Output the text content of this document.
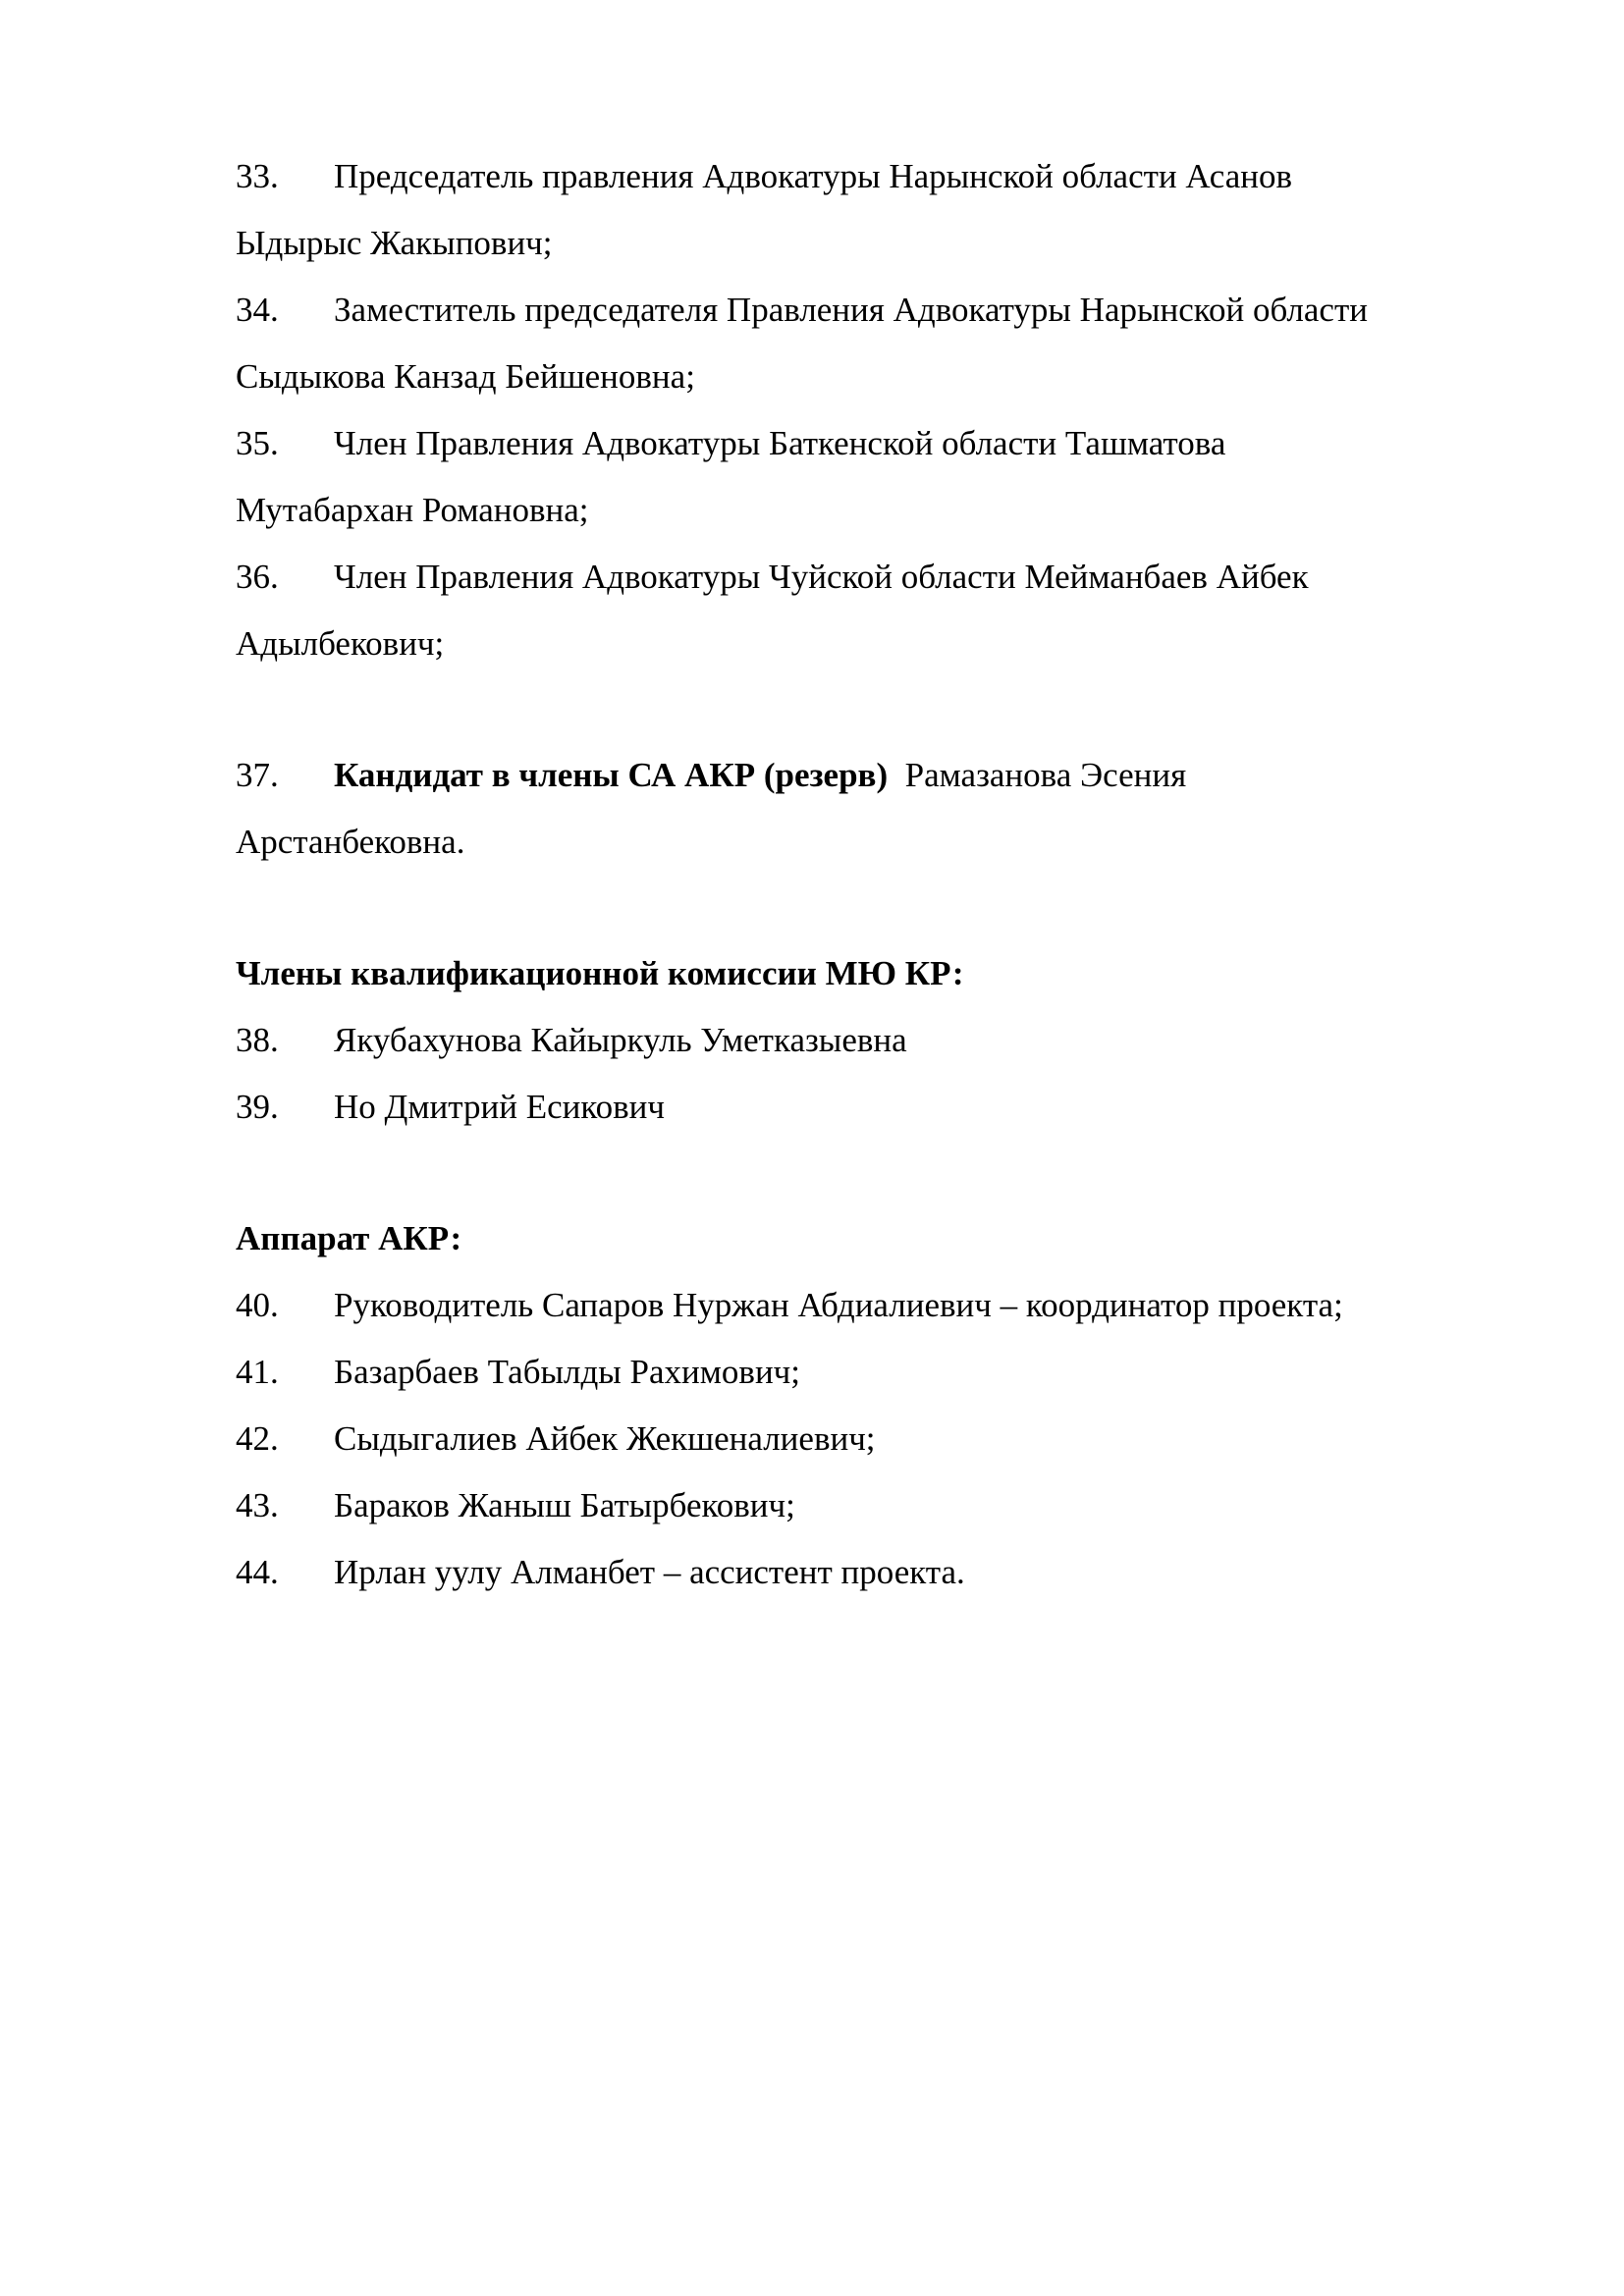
33. Председатель правления Адвокатуры Нарынской области Асанов
Ыдырыс Жакыпович;
34. Заместитель председателя Правления Адвокатуры Нарынской области
Сыдыкова Канзад Бейшеновна;
35. Член Правления Адвокатуры Баткенской области Ташматова
Мутабархан Романовна;
36. Член Правления Адвокатуры Чуйской области Мейманбаев Айбек
Адылбекович;
37. Кандидат в члены СА АКР (резерв) Рамазанова Эсения
Арстанбековна.
Члены квалификационной комиссии МЮ КР:
38. Якубахунова Кайыркуль Уметказыевна
39. Но Дмитрий Есикович
Аппарат АКР:
40. Руководитель Сапаров Нуржан Абдиалиевич – координатор проекта;
41. Базарбаев Табылды Рахимович;
42. Сыдыгалиев Айбек Жекшеналиевич;
43. Бараков Жаныш Батырбекович;
44. Ирлан уулу Алманбет – ассистент проекта.
